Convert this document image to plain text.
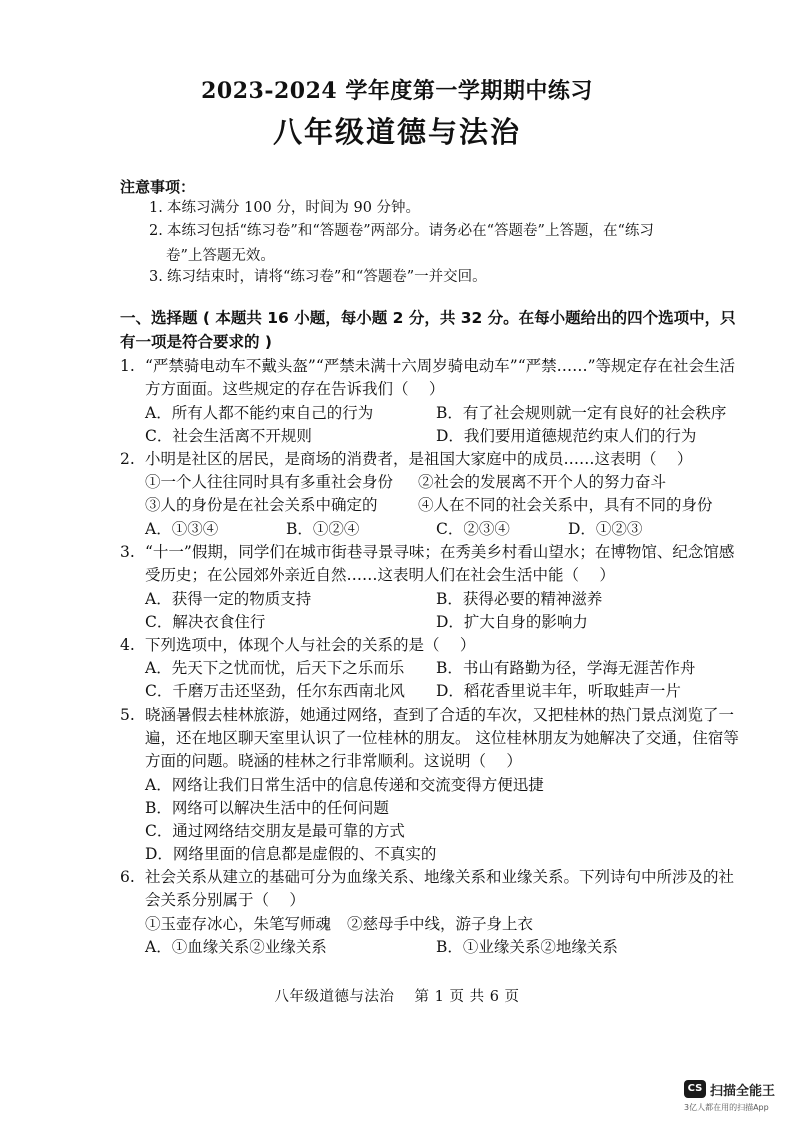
2023-2024 学年度第一学期期中练习
八年级道德与法治
注意事项：
1. 本练习满分 100 分，时间为 90 分钟。
2. 本练习包括“练习卷”和“答题卷”两部分。请务必在“答题卷”上答题，在“练习
卷”上答题无效。
3. 练习结束时，请将“练习卷”和“答题卷”一并交回。
一、选择题 ( 本题共 16 小题，每小题 2 分，共 32 分。在每小题给出的四个选项中，只有一项是符合要求的 )
1. “严禁骑电动车不戴头盔”“严禁未满十六周岁骑电动车”“严禁……”等规定存在社会生活方方面面。这些规定的存在告诉我们（　 ）
A．所有人都不能约束自己的行为	B．有了社会规则就一定有良好的社会秩序
C．社会生活离不开规则	D．我们要用道德规范约束人们的行为
2. 小明是社区的居民，是商场的消费者，是祖国大家庭中的成员……这表明（　 ）
①一个人往往同时具有多重社会身份 ②社会的发展离不开个人的努力奋斗
③人的身份是在社会关系中确定的	④人在不同的社会关系中，具有不同的身份
A．①③④	B．①②④	C．②③④	D．①②③
3. “十一”假期，同学们在城市街巷寻景寻味；在秀美乡村看山望水；在博物馆、纪念馆感受历史；在公园郊外亲近自然……这表明人们在社会生活中能（　 ）
A．获得一定的物质支持	B．获得必要的精神滋养
C．解决衣食住行	D．扩大自身的影响力
4. 下列选项中，体现个人与社会的关系的是（　 ）
A．先天下之忧而忧，后天下之乐而乐 B．书山有路勤为径，学海无涯苦作舟
C．千磨万击还坚劲，任尔东西南北风 D．稻花香里说丰年，听取蛙声一片
5. 晓涵暑假去桂林旅游，她通过网络，查到了合适的车次，又把桂林的热门景点浏览了一遍，还在地区聊天室里认识了一位桂林的朋友。 这位桂林朋友为她解决了交通，住宿等方面的问题。晓涵的桂林之行非常顺利。这说明（　 ）
A．网络让我们日常生活中的信息传递和交流变得方便迅捷
B．网络可以解决生活中的任何问题
C．通过网络结交朋友是最可靠的方式
D．网络里面的信息都是虚假的、不真实的
6. 社会关系从建立的基础可分为血缘关系、地缘关系和业缘关系。下列诗句中所涉及的社会关系分别属于（　 ）
①玉壶存冰心，朱笔写师魂 ②慈母手中线，游子身上衣
A．①血缘关系②业缘关系	B．①业缘关系②地缘关系
八年级道德与法治　 第 1 页 共 6 页
CS 扫描全能王
3亿人都在用的扫描App
